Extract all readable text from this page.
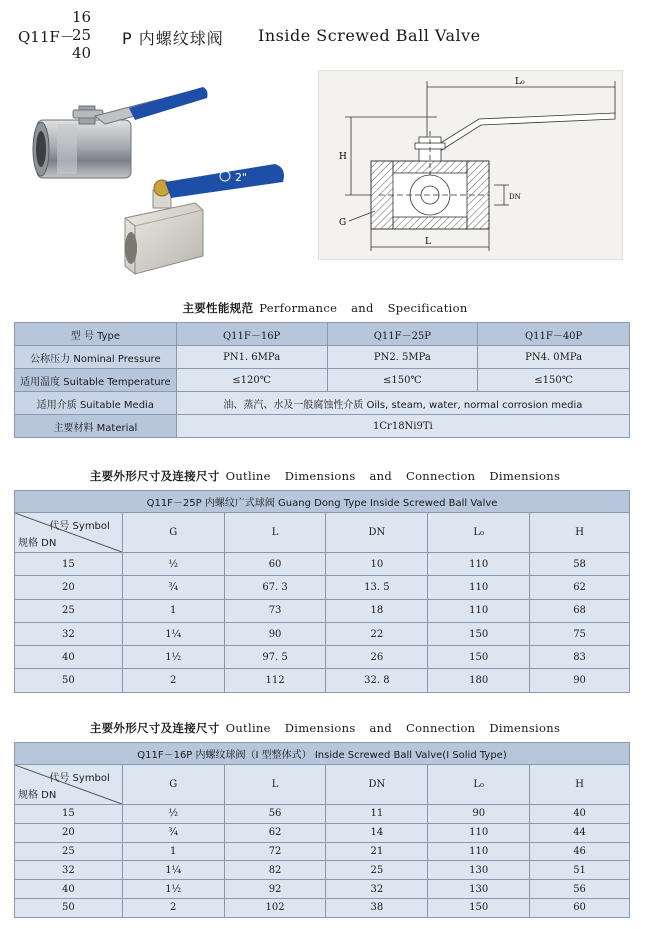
Q11F－
16
25
40
P 内螺纹球阀 Inside Screwed Ball Valve
2"
L₀
H
DN
G
L
主要性能规范 Performance and Specification
型 号 Type	Q11F－16P	Q11F－25P	Q11F－40P
公称压力 Nominal Pressure	PN1. 6MPa	PN2. 5MPa	PN4. 0MPa
适用温度 Suitable Temperature	≤120℃	≤150℃	≤150℃
适用介质 Suitable Media	油、蒸汽、水及一般腐蚀性介质 Oils, steam, water, normal corrosion media		
主要材料 Material	1Cr18Ni9Ti		
主要外形尺寸及连接尺寸 Outline Dimensions and Connection Dimensions
Q11F－25P 内螺纹广式球阀 Guang Dong Type Inside Screwed Ball Valve					

代号 Symbol
规格 DN	G	L	DN	L₀	H
15	½	60	10	110	58
20	¾	67. 3	13. 5	110	62
25	1	73	18	110	68
32	1¼	90	22	150	75
40	1½	97. 5	26	150	83
50	2	112	32. 8	180	90
主要外形尺寸及连接尺寸 Outline Dimensions and Connection Dimensions
Q11F－16P 内螺纹球阀（I 型整体式） Inside Screwed Ball Valve(I Solid Type)					

代号 Symbol
规格 DN	G	L	DN	L₀	H
15	½	56	11	90	40
20	¾	62	14	110	44
25	1	72	21	110	46
32	1¼	82	25	130	51
40	1½	92	32	130	56
50	2	102	38	150	60
